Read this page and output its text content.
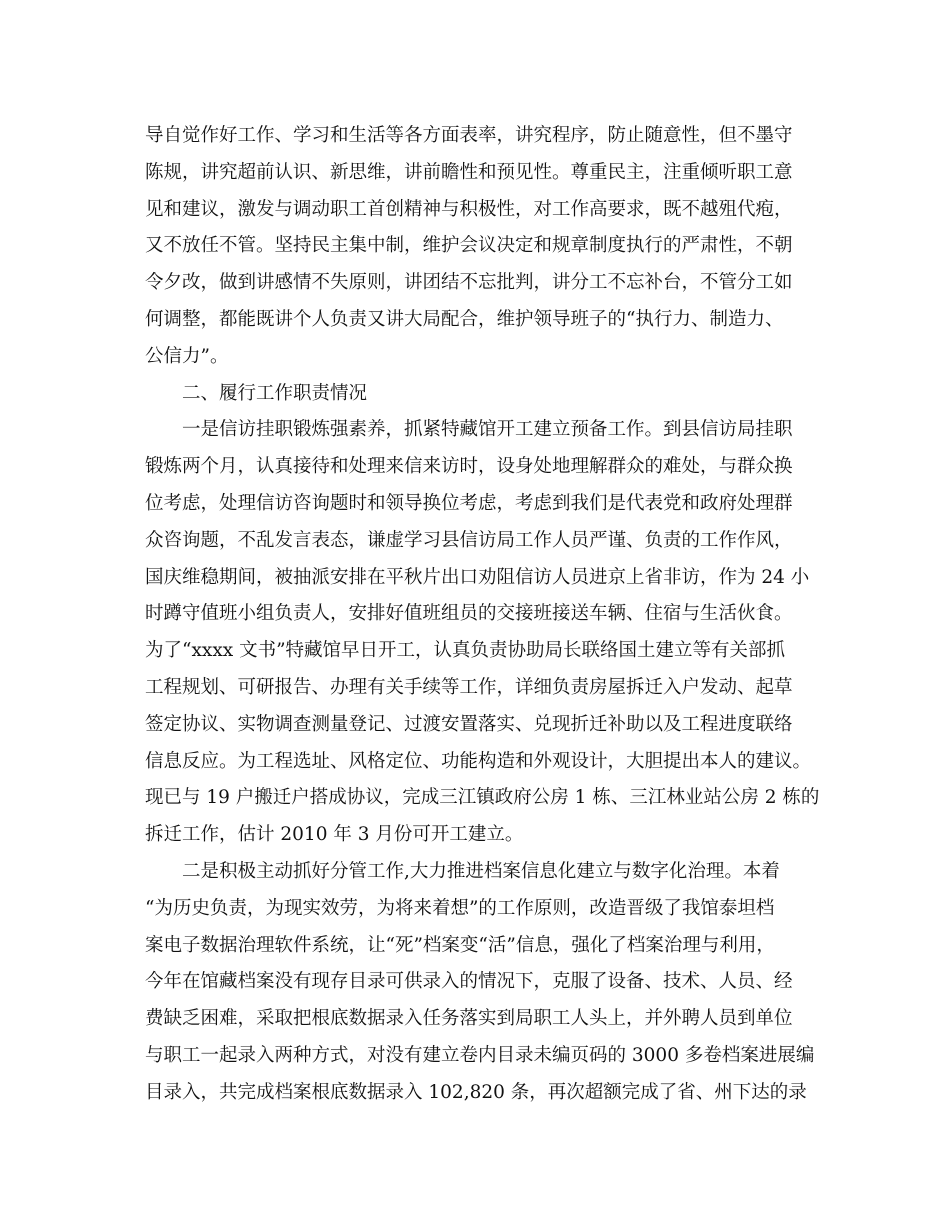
导自觉作好工作、学习和生活等各方面表率，讲究程序，防止随意性，但不墨守
陈规，讲究超前认识、新思维，讲前瞻性和预见性。尊重民主，注重倾听职工意
见和建议，激发与调动职工首创精神与积极性，对工作高要求，既不越殂代疱，
又不放任不管。坚持民主集中制，维护会议决定和规章制度执行的严肃性，不朝
令夕改，做到讲感情不失原则，讲团结不忘批判，讲分工不忘补台，不管分工如
何调整，都能既讲个人负责又讲大局配合，维护领导班子的“执行力、制造力、
公信力”。
二、履行工作职责情况
一是信访挂职锻炼强素养，抓紧特藏馆开工建立预备工作。到县信访局挂职
锻炼两个月，认真接待和处理来信来访时，设身处地理解群众的难处，与群众换
位考虑，处理信访咨询题时和领导换位考虑，考虑到我们是代表党和政府处理群
众咨询题，不乱发言表态，谦虚学习县信访局工作人员严谨、负责的工作作风，
国庆维稳期间，被抽派安排在平秋片出口劝阻信访人员进京上省非访，作为 24 小
时蹲守值班小组负责人，安排好值班组员的交接班接送车辆、住宿与生活伙食。
为了“xxxx 文书”特藏馆早日开工，认真负责协助局长联络国土建立等有关部抓
工程规划、可研报告、办理有关手续等工作，详细负责房屋拆迁入户发动、起草
签定协议、实物调查测量登记、过渡安置落实、兑现折迁补助以及工程进度联络
信息反应。为工程选址、风格定位、功能构造和外观设计，大胆提出本人的建议。
现已与 19 户搬迁户搭成协议，完成三江镇政府公房 1 栋、三江林业站公房 2 栋的
拆迁工作，估计 2010 年 3 月份可开工建立。
二是积极主动抓好分管工作,大力推进档案信息化建立与数字化治理。本着
“为历史负责，为现实效劳，为将来着想”的工作原则，改造晋级了我馆泰坦档
案电子数据治理软件系统，让“死”档案变“活”信息，强化了档案治理与利用，
今年在馆藏档案没有现存目录可供录入的情况下，克服了设备、技术、人员、经
费缺乏困难，采取把根底数据录入任务落实到局职工人头上，并外聘人员到单位
与职工一起录入两种方式，对没有建立卷内目录未编页码的 3000 多卷档案进展编
目录入，共完成档案根底数据录入 102,820 条，再次超额完成了省、州下达的录
